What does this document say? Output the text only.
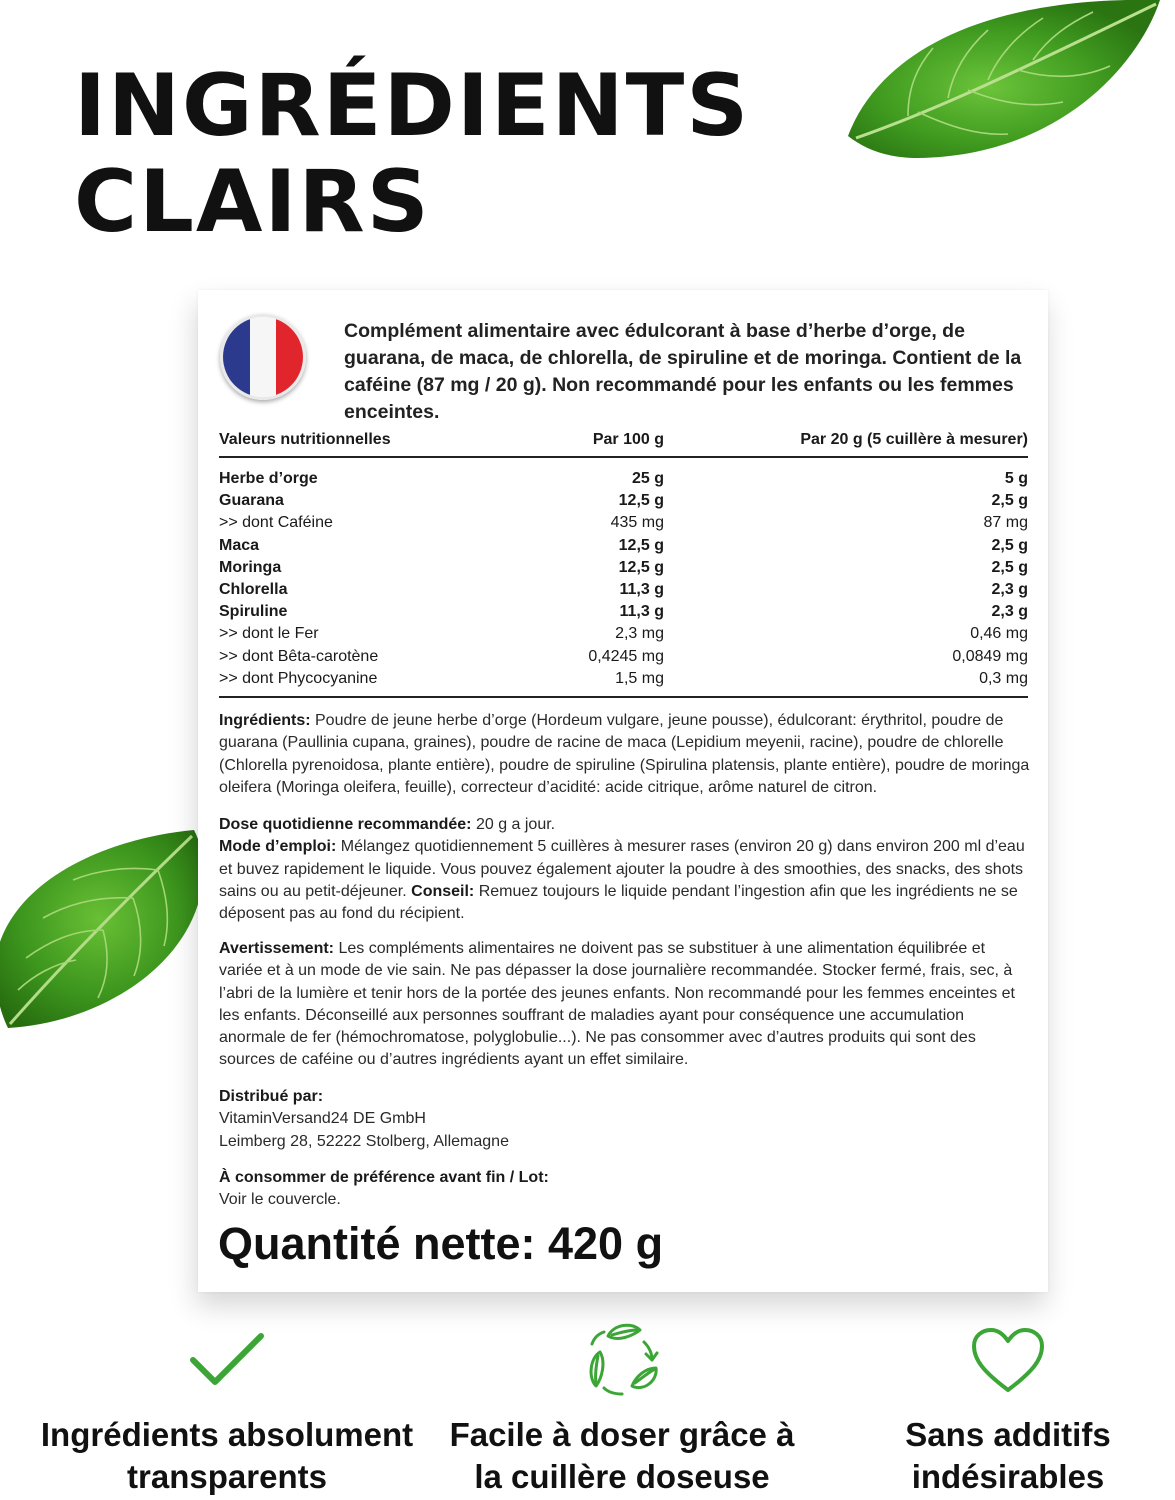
INGRÉDIENTS
CLAIRS
Complément alimentaire avec édulcorant à base d’herbe d’orge, de guarana, de maca, de chlorella, de spiruline et de moringa. Contient de la caféine (87 mg / 20 g). Non recommandé pour les enfants ou les femmes enceintes.
Valeurs nutritionnelles	Par 100 g	Par 20 g (5 cuillère à mesurer)
Herbe d’orge	25 g	5 g
Guarana	12,5 g	2,5 g
>> dont Caféine	435 mg	87 mg
Maca	12,5 g	2,5 g
Moringa	12,5 g	2,5 g
Chlorella	11,3 g	2,3 g
Spiruline	11,3 g	2,3 g
>> dont le Fer	2,3 mg	0,46 mg
>> dont Bêta-carotène	0,4245 mg	0,0849 mg
>> dont Phycocyanine	1,5 mg	0,3 mg
Ingrédients: Poudre de jeune herbe d’orge (Hordeum vulgare, jeune pousse), édulcorant: érythritol, poudre de guarana (Paullinia cupana, graines), poudre de racine de maca (Lepidium meyenii, racine), poudre de chlorelle (Chlorella pyrenoidosa, plante entière), poudre de spiruline (Spirulina platensis, plante entière), poudre de moringa oleifera (Moringa oleifera, feuille), correcteur d’acidité: acide citrique, arôme naturel de citron.
Dose quotidienne recommandée: 20 g a jour.
Mode d’emploi: Mélangez quotidiennement 5 cuillères à mesurer rases (environ 20 g) dans environ 200 ml d’eau et buvez rapidement le liquide. Vous pouvez également ajouter la poudre à des smoothies, des snacks, des shots sains ou au petit-déjeuner. Conseil: Remuez toujours le liquide pendant l’ingestion afin que les ingrédients ne se déposent pas au fond du récipient.
Avertissement: Les compléments alimentaires ne doivent pas se substituer à une alimentation équilibrée et variée et à un mode de vie sain. Ne pas dépasser la dose journalière recommandée. Stocker fermé, frais, sec, à l’abri de la lumière et tenir hors de la portée des jeunes enfants. Non recommandé pour les femmes enceintes et les enfants. Déconseillé aux personnes souffrant de maladies ayant pour conséquence une accumulation anormale de fer (hémochromatose, polyglobulie...). Ne pas consommer avec d’autres produits qui sont des sources de caféine ou d’autres ingrédients ayant un effet similaire.
Distribué par:
VitaminVersand24 DE GmbH
Leimberg 28, 52222 Stolberg, Allemagne
À consommer de préférence avant fin / Lot:
Voir le couvercle.
Quantité nette: 420 g
Ingrédients absolument
transparents
Facile à doser grâce à
la cuillère doseuse
Sans additifs
indésirables
